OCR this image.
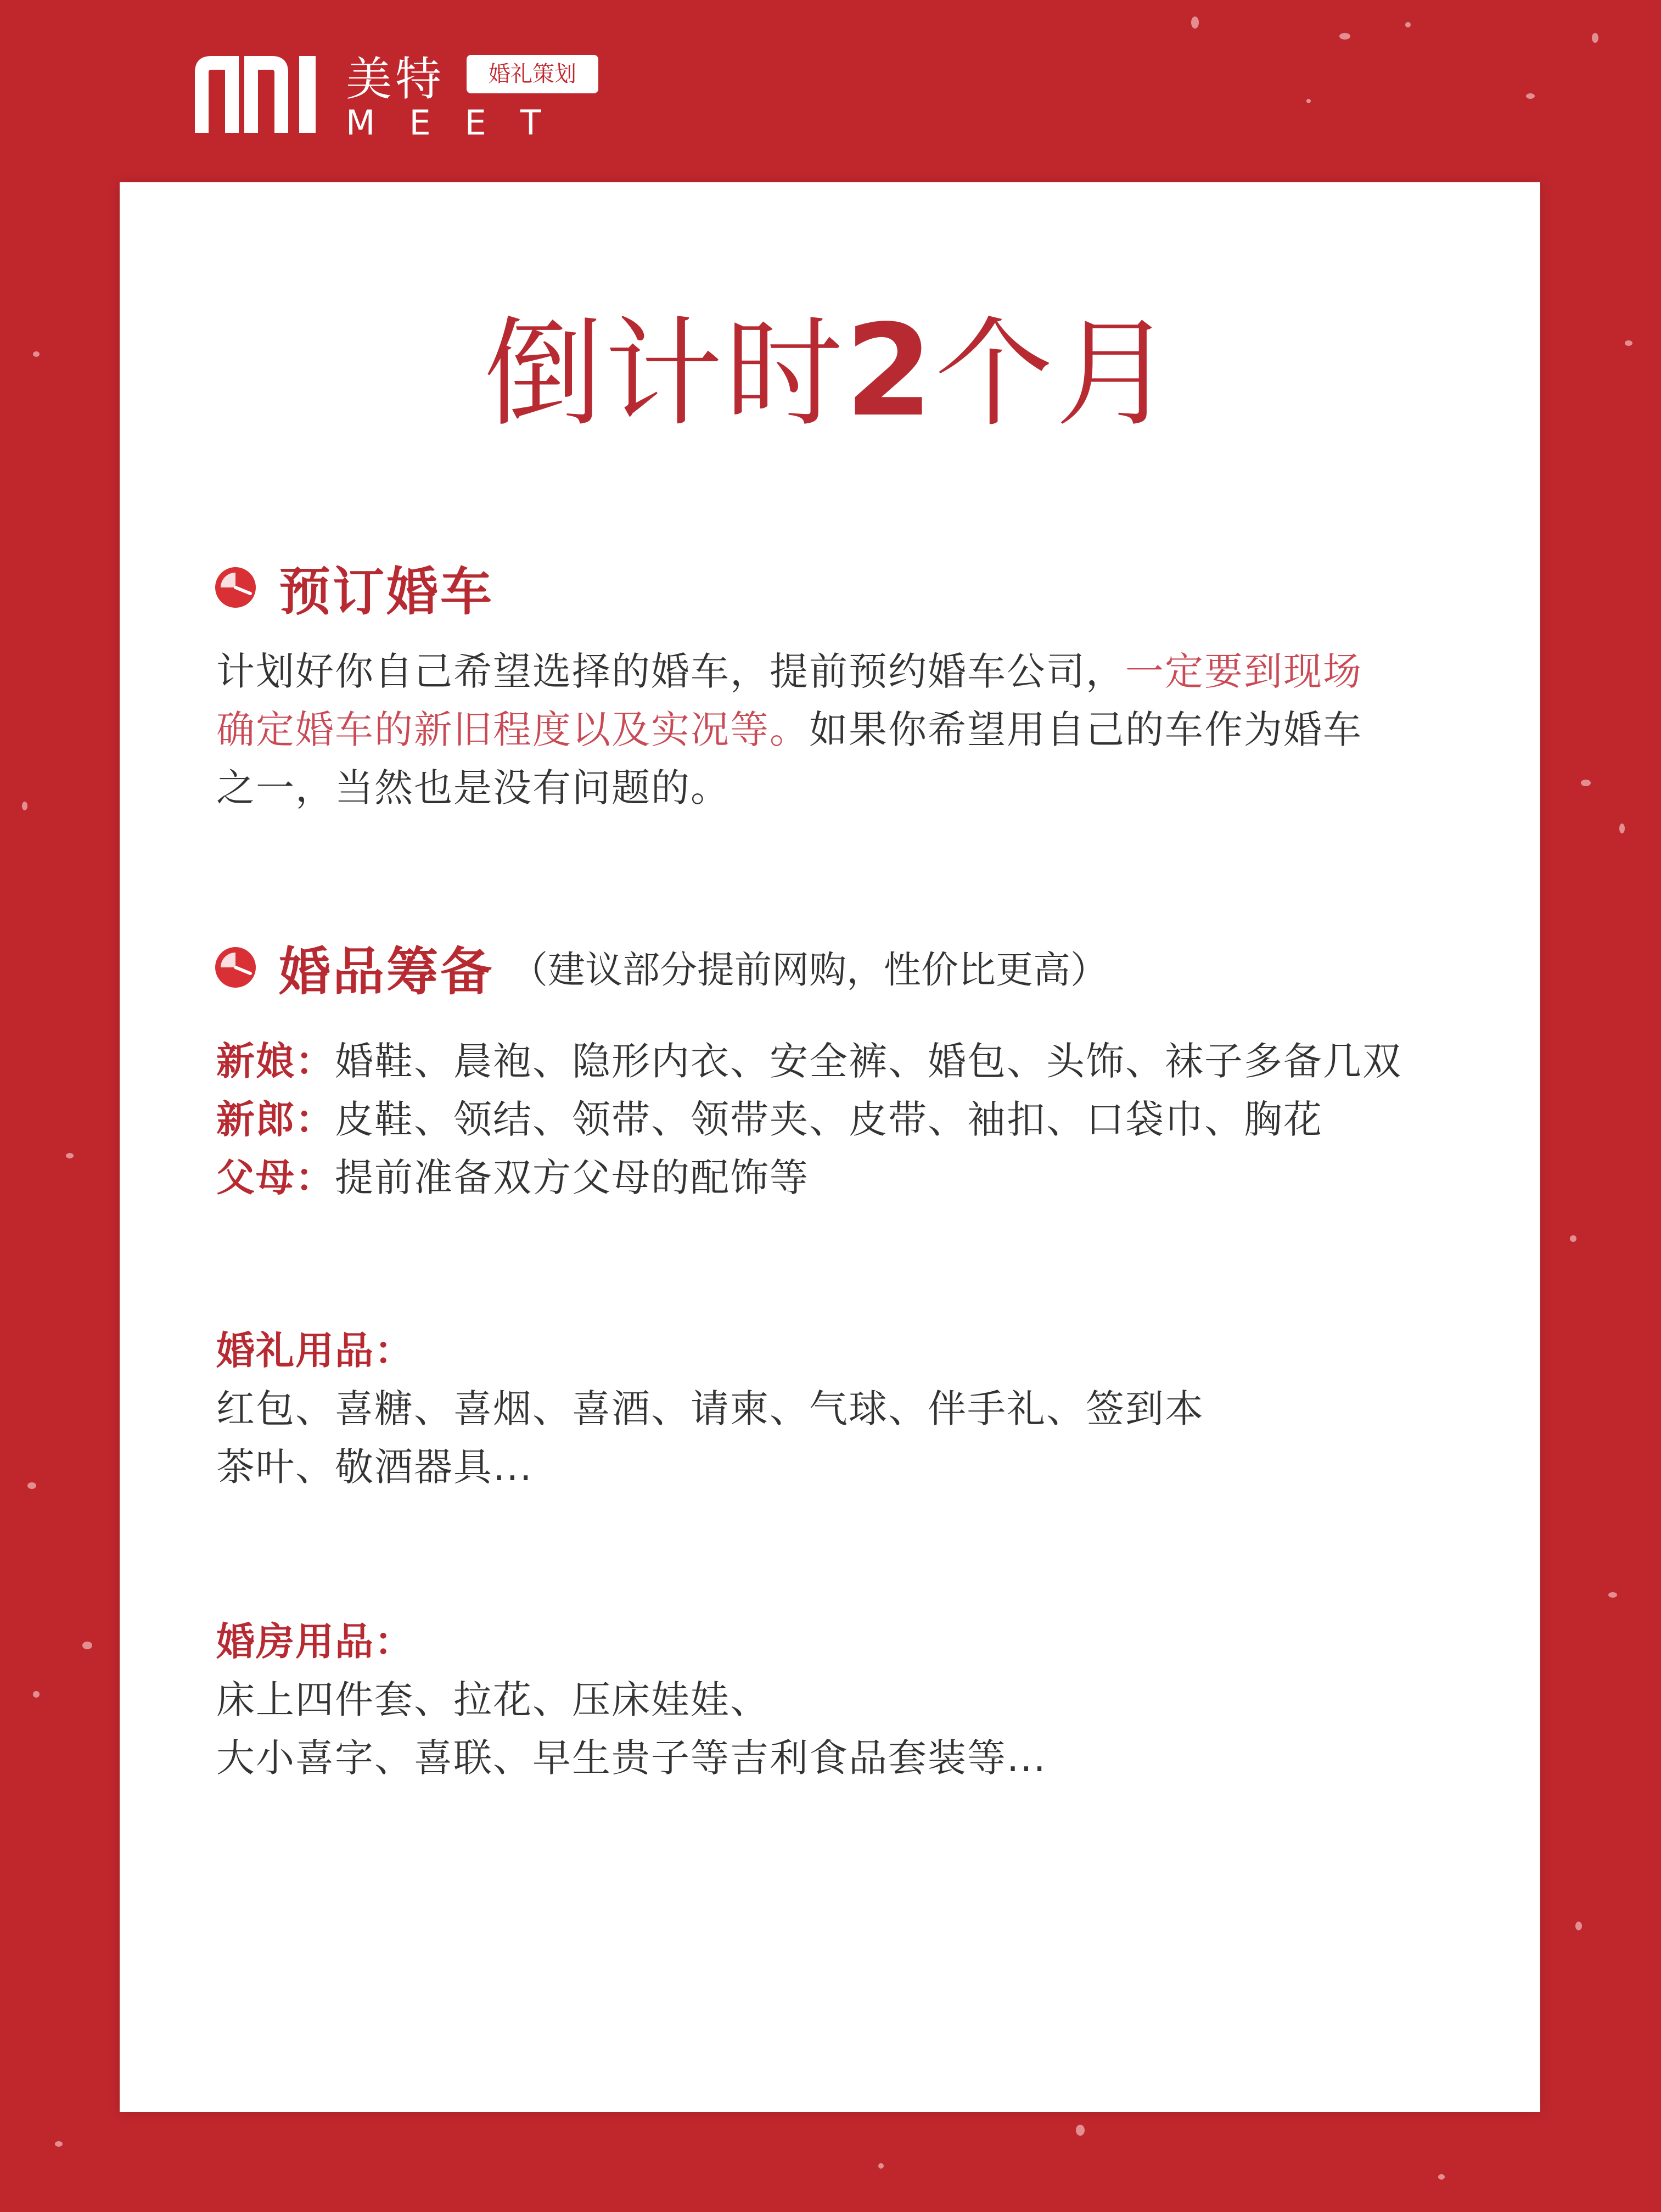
美特	婚礼策划
MEET
倒计时2个月
预订婚车
计划好你自己希望选择的婚车，提前预约婚车公司，一定要到现场
确定婚车的新旧程度以及实况等。如果你希望用自己的车作为婚车
之一，当然也是没有问题的。
婚品筹备 （建议部分提前网购，性价比更高）
新娘：婚鞋、晨袍、隐形内衣、安全裤、婚包、头饰、袜子多备几双
新郎：皮鞋、领结、领带、领带夹、皮带、袖扣、口袋巾、胸花
父母：提前准备双方父母的配饰等
婚礼用品：
红包、喜糖、喜烟、喜酒、请柬、气球、伴手礼、签到本
茶叶、敬酒器具...
婚房用品：
床上四件套、拉花、压床娃娃、
大小喜字、喜联、早生贵子等吉利食品套装等...
